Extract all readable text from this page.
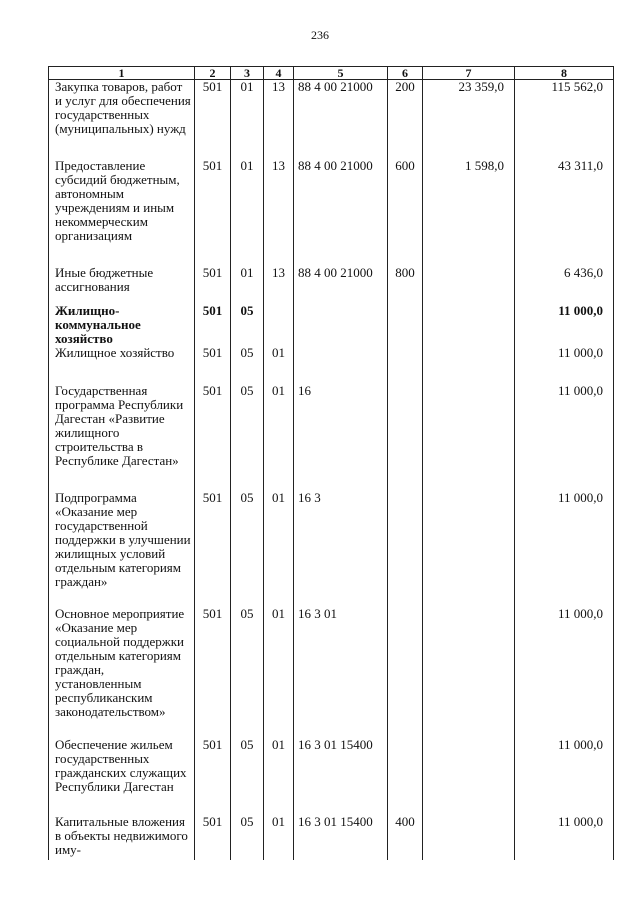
236
1	2	3	4	5	6	7	8
Закупка товаров, работ и услуг для обеспечения государственных (муниципальных) нужд	501	01	13	88 4 00 21000	200	23 359,0	115 562,0
Предоставление субсидий бюджетным, автономным учреждениям и иным некоммерческим организациям	501	01	13	88 4 00 21000	600	1 598,0	43 311,0
Иные бюджетные ассигнования	501	01	13	88 4 00 21000	800		6 436,0
Жилищно-коммунальное хозяйство	501	05					11 000,0
Жилищное хозяйство	501	05	01				11 000,0
Государственная программа Республики Дагестан «Развитие жилищного строительства в Республике Дагестан»	501	05	01	16			11 000,0
Подпрограмма «Оказание мер государственной поддержки в улучшении жилищных условий отдельным категориям граждан»	501	05	01	16 3			11 000,0
Основное мероприятие «Оказание мер социальной поддержки отдельным категориям граждан, установленным республиканским законодательством»	501	05	01	16 3 01			11 000,0
Обеспечение жильем государственных гражданских служащих Республики Дагестан	501	05	01	16 3 01 15400			11 000,0
Капитальные вложения в объекты недвижимого иму-	501	05	01	16 3 01 15400	400		11 000,0
